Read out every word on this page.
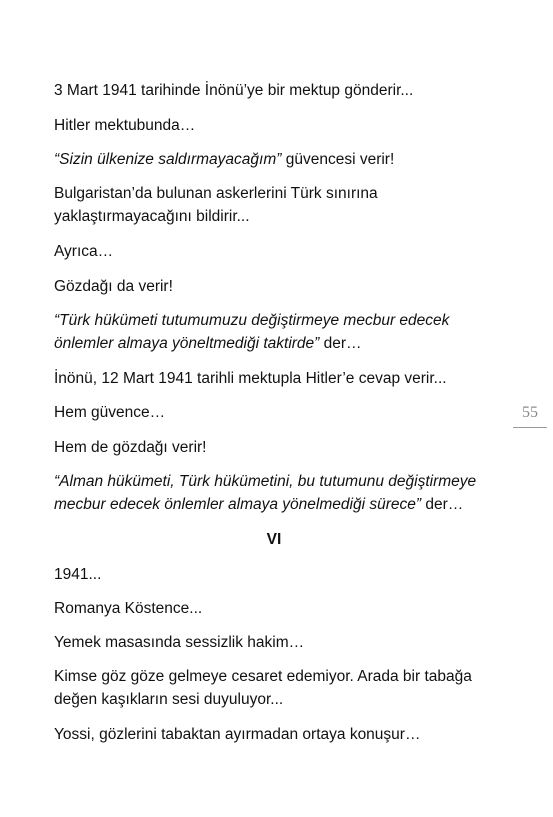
3 Mart 1941 tarihinde İnönü’ye bir mektup gönderir...

Hitler mektubunda…

“Sizin ülkenize saldırmayacağım” güvencesi verir!

Bulgaristan’da bulunan askerlerini Türk sınırına
yaklaştırmayacağını bildirir...

Ayrıca…

Gözdağı da verir!

“Türk hükümeti tutumumuzu değiştirmeye mecbur edecek
önlemler almaya yöneltmediği taktirde” der…

İnönü, 12 Mart 1941 tarihli mektupla Hitler’e cevap verir...

Hem güvence…

Hem de gözdağı verir!

“Alman hükümeti, Türk hükümetini, bu tutumunu değiştirmeye
mecbur edecek önlemler almaya yönelmediği sürece” der…

VI

1941...

Romanya Köstence...

Yemek masasında sessizlik hakim…

Kimse göz göze gelmeye cesaret edemiyor. Arada bir tabağa
değen kaşıkların sesi duyuluyor...

Yossi, gözlerini tabaktan ayırmadan ortaya konuşur…

55
